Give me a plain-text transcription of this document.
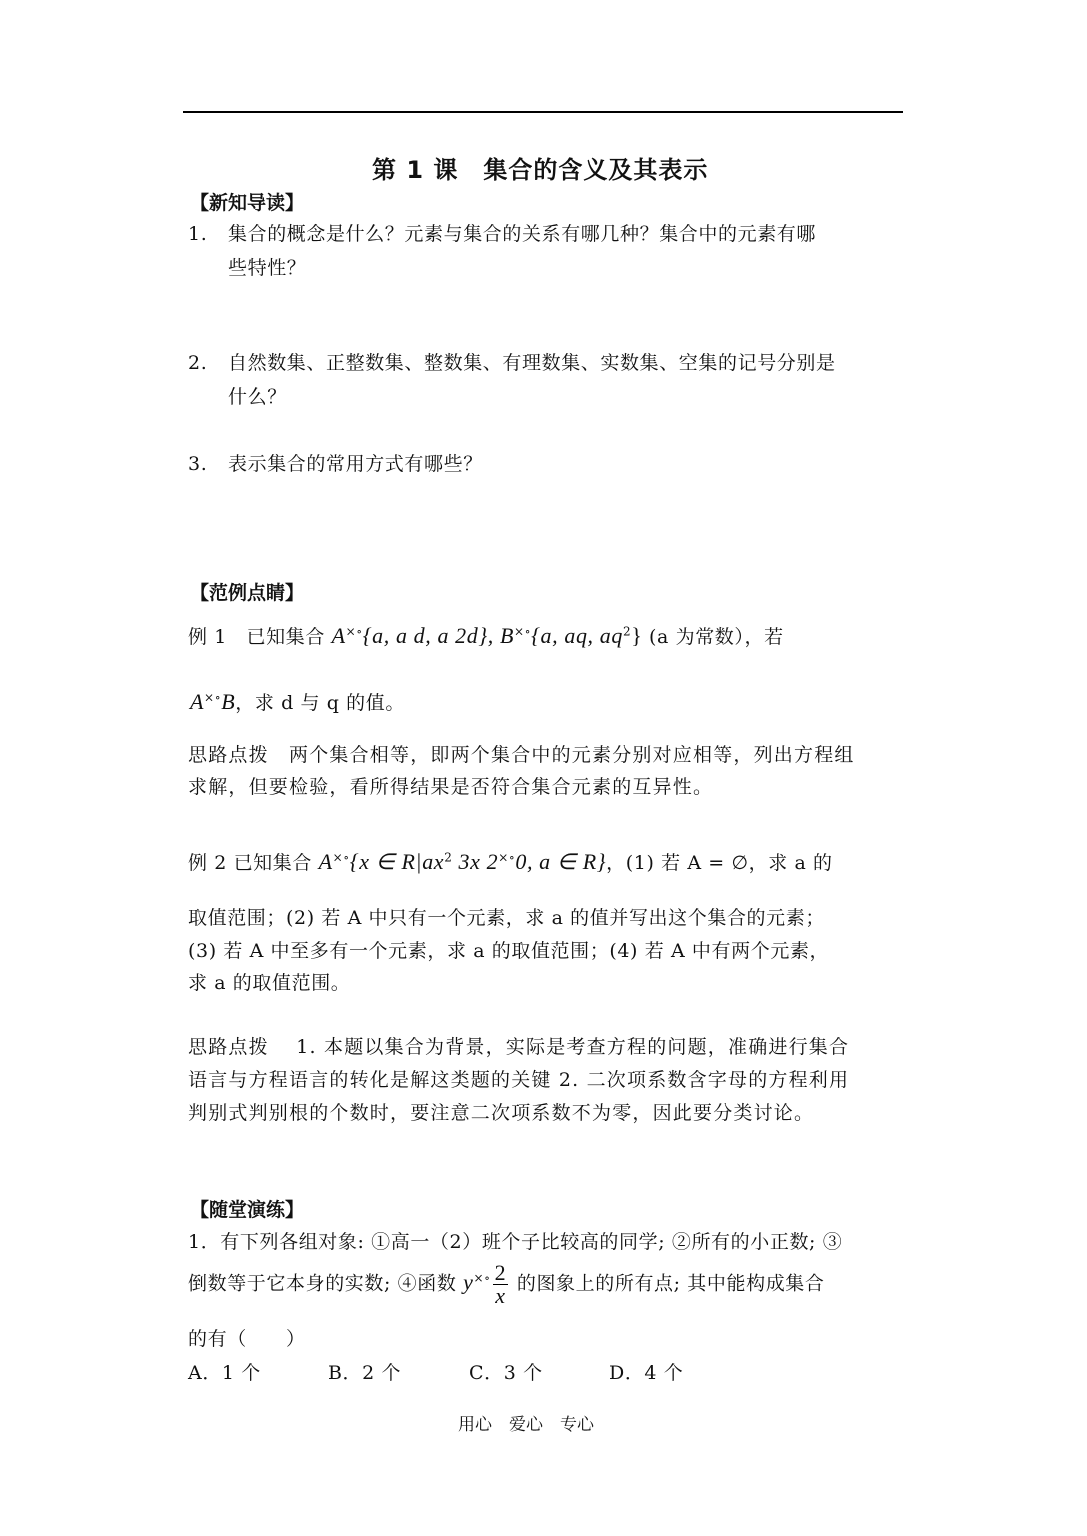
第 1 课　集合的含义及其表示
【新知导读】
1. 集合的概念是什么？元素与集合的关系有哪几种？集合中的元素有哪
些特性？
2. 自然数集、正整数集、整数集、有理数集、实数集、空集的记号分别是
什么？
3. 表示集合的常用方式有哪些？
【范例点睛】
例 1　已知集合 A×∘{a, a d, a 2d}, B×∘{a, aq, $aq^2$} (a 为常数），若
A×∘B，求 d 与 q 的值。
思路点拨　两个集合相等，即两个集合中的元素分别对应相等，列出方程组
求解，但要检验，看所得结果是否符合集合元素的互异性。
例 2 已知集合 A×∘{x ∈ $R|ax^2$ 3x 2×∘0, a ∈ R}，(1) 若 A = ∅，求 a 的
取值范围；(2) 若 A 中只有一个元素，求 a 的值并写出这个集合的元素；
(3) 若 A 中至多有一个元素，求 a 的取值范围；(4) 若 A 中有两个元素，
求 a 的取值范围。
思路点拨　 1. 本题以集合为背景，实际是考查方程的问题，准确进行集合
语言与方程语言的转化是解这类题的关键 2. 二次项系数含字母的方程利用
判别式判别根的个数时，要注意二次项系数不为零，因此要分类讨论。
【随堂演练】
1．有下列各组对象: ①高一（2）班个子比较高的同学; ②所有的小正数; ③
倒数等于它本身的实数; ④函数 $y^{\times\circ} \frac{2}{x}$ 的图象上的所有点; 其中能构成集合
的有（　　）
A．1 个	B．2 个	C．3 个	D．4 个
用心　爱心　专心
